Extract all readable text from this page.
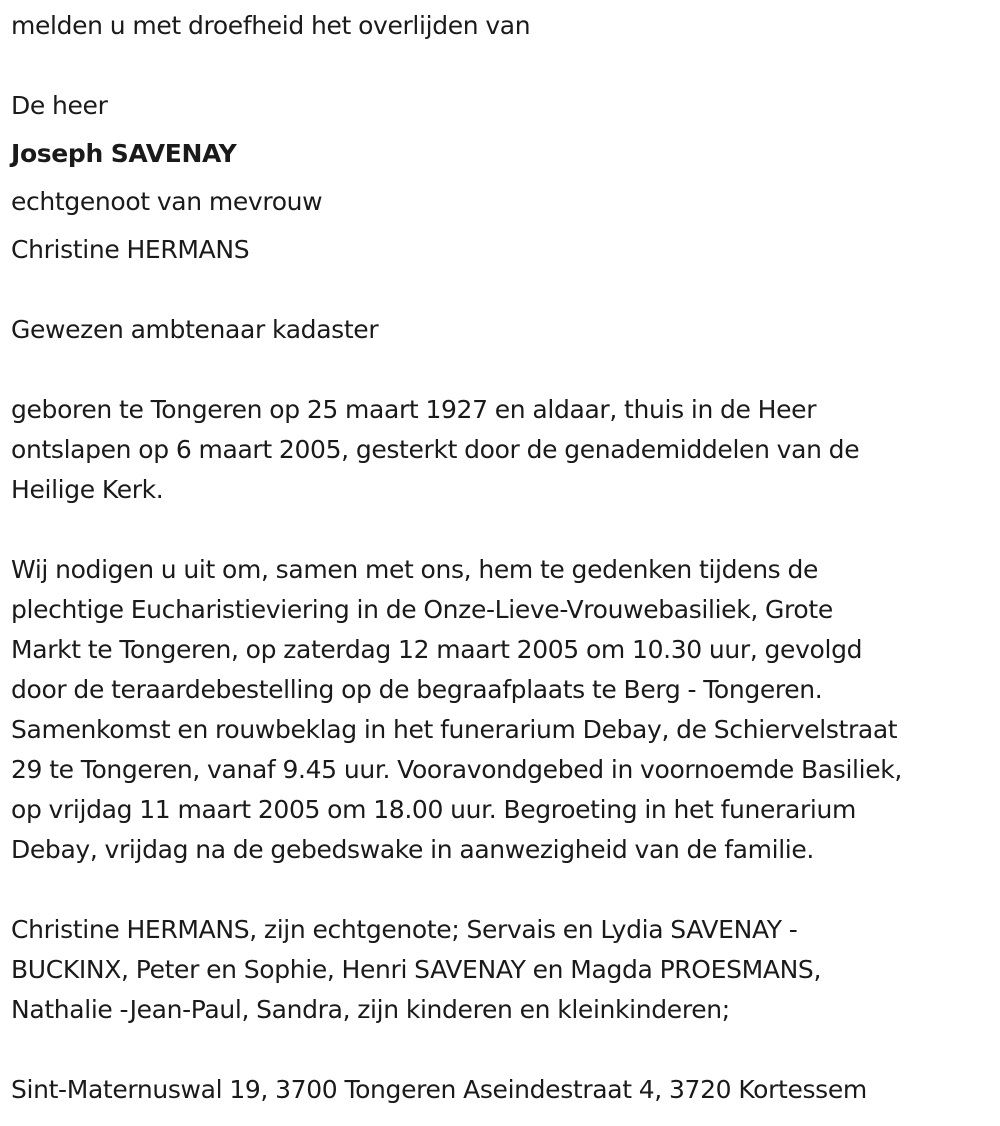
melden u met droefheid het overlijden van
De heer
Joseph SAVENAY
echtgenoot van mevrouw
Christine HERMANS
Gewezen ambtenaar kadaster
geboren te Tongeren op 25 maart 1927 en aldaar, thuis in de Heer
ontslapen op 6 maart 2005, gesterkt door de genademiddelen van de
Heilige Kerk.
Wij nodigen u uit om, samen met ons, hem te gedenken tijdens de
plechtige Eucharistieviering in de Onze-Lieve-Vrouwebasiliek, Grote
Markt te Tongeren, op zaterdag 12 maart 2005 om 10.30 uur, gevolgd
door de teraardebestelling op de begraafplaats te Berg - Tongeren.
Samenkomst en rouwbeklag in het funerarium Debay, de Schiervelstraat
29 te Tongeren, vanaf 9.45 uur. Vooravondgebed in voornoemde Basiliek,
op vrijdag 11 maart 2005 om 18.00 uur. Begroeting in het funerarium
Debay, vrijdag na de gebedswake in aanwezigheid van de familie.
Christine HERMANS, zijn echtgenote; Servais en Lydia SAVENAY -
BUCKINX, Peter en Sophie, Henri SAVENAY en Magda PROESMANS,
Nathalie -Jean-Paul, Sandra, zijn kinderen en kleinkinderen;
Sint-Maternuswal 19, 3700 Tongeren Aseindestraat 4, 3720 Kortessem
